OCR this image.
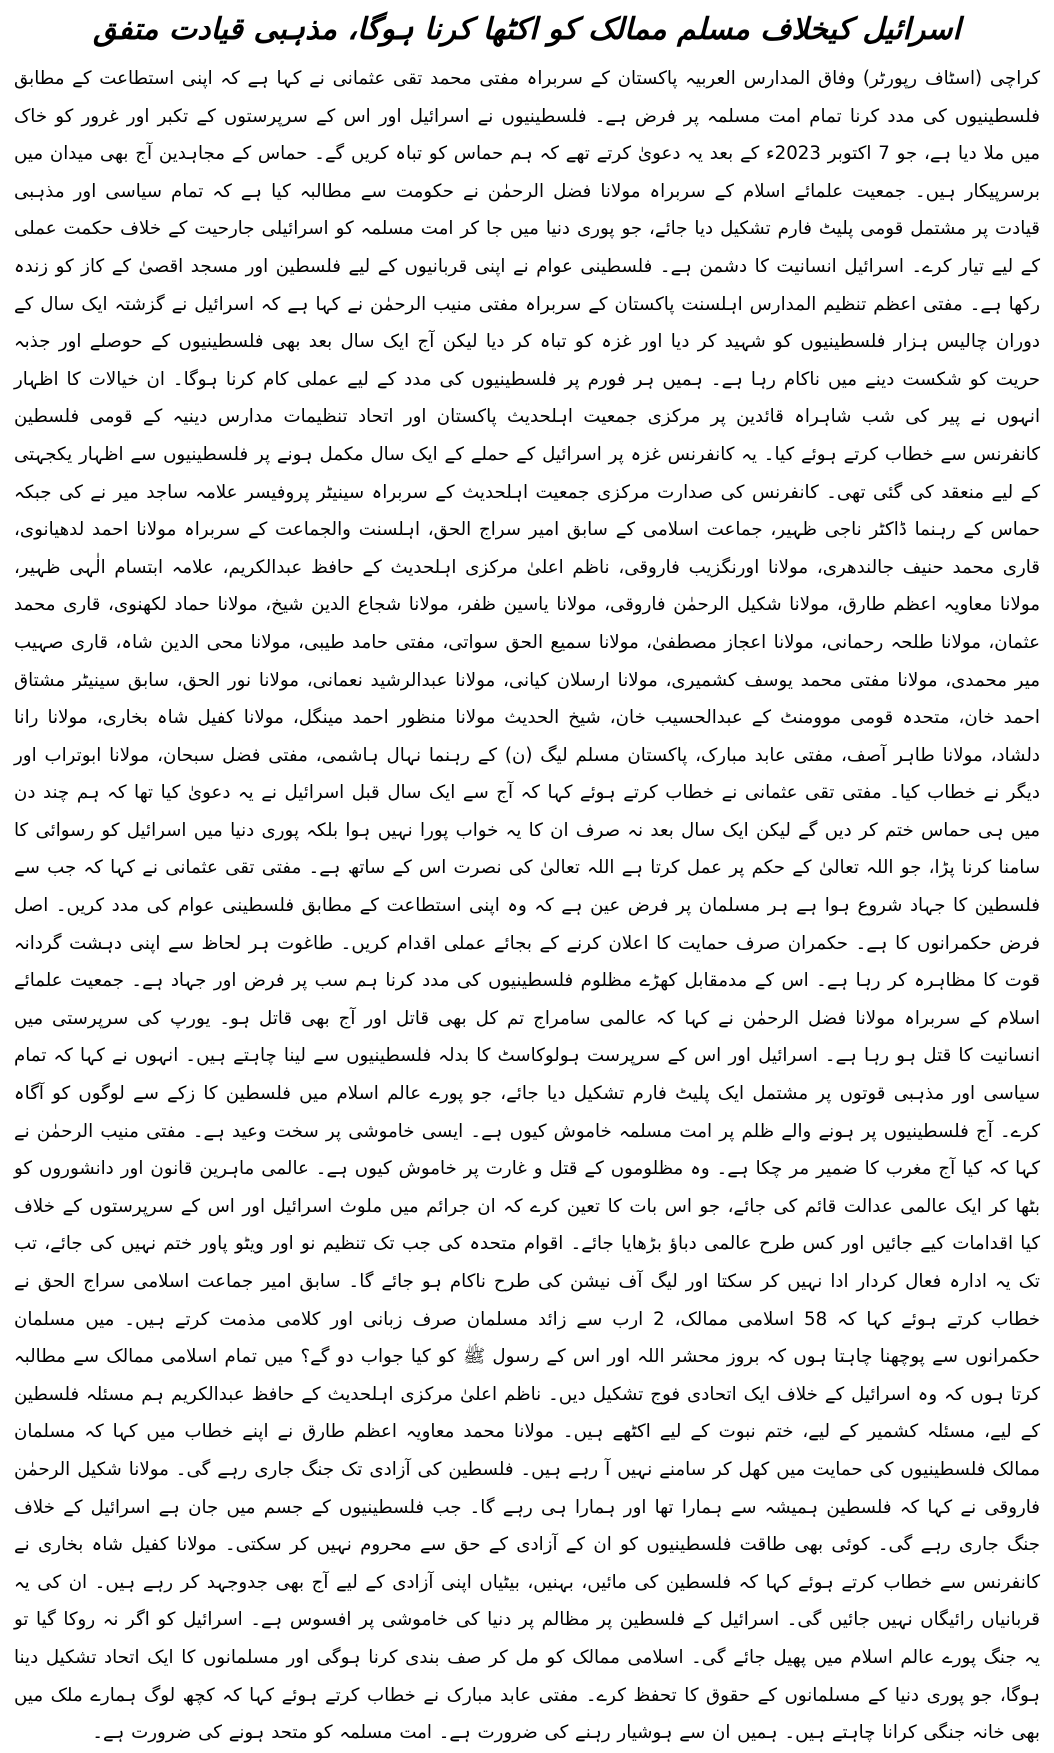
اسرائیل کیخلاف مسلم ممالک کو اکٹھا کرنا ہوگا، مذہبی قیادت متفق

کراچی (اسٹاف رپورٹر) وفاق المدارس العربیہ پاکستان کے سربراہ مفتی محمد تقی عثمانی نے کہا ہے کہ اپنی استطاعت کے مطابق فلسطینیوں کی مدد کرنا تمام امت مسلمہ پر فرض ہے۔ فلسطینیوں نے اسرائیل اور اس کے سرپرستوں کے تکبر اور غرور کو خاک میں ملا دیا ہے، جو 7 اکتوبر 2023ء کے بعد یہ دعویٰ کرتے تھے کہ ہم حماس کو تباہ کریں گے۔ حماس کے مجاہدین آج بھی میدان میں برسرپیکار ہیں۔ جمعیت علمائے اسلام کے سربراہ مولانا فضل الرحمٰن نے حکومت سے مطالبہ کیا ہے کہ تمام سیاسی اور مذہبی قیادت پر مشتمل قومی پلیٹ فارم تشکیل دیا جائے، جو پوری دنیا میں جا کر امت مسلمہ کو اسرائیلی جارحیت کے خلاف حکمت عملی کے لیے تیار کرے۔ اسرائیل انسانیت کا دشمن ہے۔ فلسطینی عوام نے اپنی قربانیوں کے لیے فلسطین اور مسجد اقصیٰ کے کاز کو زندہ رکھا ہے۔ مفتی اعظم تنظیم المدارس اہلسنت پاکستان کے سربراہ مفتی منیب الرحمٰن نے کہا ہے کہ اسرائیل نے گزشتہ ایک سال کے دوران چالیس ہزار فلسطینیوں کو شہید کر دیا اور غزہ کو تباہ کر دیا لیکن آج ایک سال بعد بھی فلسطینیوں کے حوصلے اور جذبہ حریت کو شکست دینے میں ناکام رہا ہے۔ ہمیں ہر فورم پر فلسطینیوں کی مدد کے لیے عملی کام کرنا ہوگا۔ ان خیالات کا اظہار انہوں نے پیر کی شب شاہراہ قائدین پر مرکزی جمعیت اہلحدیث پاکستان اور اتحاد تنظیمات مدارس دینیہ کے قومی فلسطین کانفرنس سے خطاب کرتے ہوئے کیا۔ یہ کانفرنس غزہ پر اسرائیل کے حملے کے ایک سال مکمل ہونے پر فلسطینیوں سے اظہار یکجہتی کے لیے منعقد کی گئی تھی۔ کانفرنس کی صدارت مرکزی جمعیت اہلحدیث کے سربراہ سینیٹر پروفیسر علامہ ساجد میر نے کی جبکہ حماس کے رہنما ڈاکٹر ناجی ظہیر، جماعت اسلامی کے سابق امیر سراج الحق، اہلسنت والجماعت کے سربراہ مولانا احمد لدھیانوی، قاری محمد حنیف جالندھری، مولانا اورنگزیب فاروقی، ناظم اعلیٰ مرکزی اہلحدیث کے حافظ عبدالکریم، علامہ ابتسام الٰہی ظہیر، مولانا معاویہ اعظم طارق، مولانا شکیل الرحمٰن فاروقی، مولانا یاسین ظفر، مولانا شجاع الدین شیخ، مولانا حماد لکھنوی، قاری محمد عثمان، مولانا طلحہ رحمانی، مولانا اعجاز مصطفیٰ، مولانا سمیع الحق سواتی، مفتی حامد طیبی، مولانا محی الدین شاہ، قاری صہیب میر محمدی، مولانا مفتی محمد یوسف کشمیری، مولانا ارسلان کیانی، مولانا عبدالرشید نعمانی، مولانا نور الحق، سابق سینیٹر مشتاق احمد خان، متحدہ قومی موومنٹ کے عبدالحسیب خان، شیخ الحدیث مولانا منظور احمد مینگل، مولانا کفیل شاہ بخاری، مولانا رانا دلشاد، مولانا طاہر آصف، مفتی عابد مبارک، پاکستان مسلم لیگ (ن) کے رہنما نہال ہاشمی، مفتی فضل سبحان، مولانا ابوتراب اور دیگر نے خطاب کیا۔ مفتی تقی عثمانی نے خطاب کرتے ہوئے کہا کہ آج سے ایک سال قبل اسرائیل نے یہ دعویٰ کیا تھا کہ ہم چند دن میں ہی حماس ختم کر دیں گے لیکن ایک سال بعد نہ صرف ان کا یہ خواب پورا نہیں ہوا بلکہ پوری دنیا میں اسرائیل کو رسوائی کا سامنا کرنا پڑا، جو اللہ تعالیٰ کے حکم پر عمل کرتا ہے اللہ تعالیٰ کی نصرت اس کے ساتھ ہے۔ مفتی تقی عثمانی نے کہا کہ جب سے فلسطین کا جہاد شروع ہوا ہے ہر مسلمان پر فرض عین ہے کہ وہ اپنی استطاعت کے مطابق فلسطینی عوام کی مدد کریں۔ اصل فرض حکمرانوں کا ہے۔ حکمران صرف حمایت کا اعلان کرنے کے بجائے عملی اقدام کریں۔ طاغوت ہر لحاظ سے اپنی دہشت گردانہ قوت کا مظاہرہ کر رہا ہے۔ اس کے مدمقابل کھڑے مظلوم فلسطینیوں کی مدد کرنا ہم سب پر فرض اور جہاد ہے۔ جمعیت علمائے اسلام کے سربراہ مولانا فضل الرحمٰن نے کہا کہ عالمی سامراج تم کل بھی قاتل اور آج بھی قاتل ہو۔ یورپ کی سرپرستی میں انسانیت کا قتل ہو رہا ہے۔ اسرائیل اور اس کے سرپرست ہولوکاسٹ کا بدلہ فلسطینیوں سے لینا چاہتے ہیں۔ انہوں نے کہا کہ تمام سیاسی اور مذہبی قوتوں پر مشتمل ایک پلیٹ فارم تشکیل دیا جائے، جو پورے عالم اسلام میں فلسطین کا زکے سے لوگوں کو آگاہ کرے۔ آج فلسطینیوں پر ہونے والے ظلم پر امت مسلمہ خاموش کیوں ہے۔ ایسی خاموشی پر سخت وعید ہے۔ مفتی منیب الرحمٰن نے کہا کہ کیا آج مغرب کا ضمیر مر چکا ہے۔ وہ مظلوموں کے قتل و غارت پر خاموش کیوں ہے۔ عالمی ماہرین قانون اور دانشوروں کو بٹھا کر ایک عالمی عدالت قائم کی جائے، جو اس بات کا تعین کرے کہ ان جرائم میں ملوث اسرائیل اور اس کے سرپرستوں کے خلاف کیا اقدامات کیے جائیں اور کس طرح عالمی دباؤ بڑھایا جائے۔ اقوام متحدہ کی جب تک تنظیم نو اور ویٹو پاور ختم نہیں کی جائے، تب تک یہ ادارہ فعال کردار ادا نہیں کر سکتا اور لیگ آف نیشن کی طرح ناکام ہو جائے گا۔ سابق امیر جماعت اسلامی سراج الحق نے خطاب کرتے ہوئے کہا کہ 58 اسلامی ممالک، 2 ارب سے زائد مسلمان صرف زبانی اور کلامی مذمت کرتے ہیں۔ میں مسلمان حکمرانوں سے پوچھنا چاہتا ہوں کہ بروز محشر اللہ اور اس کے رسول ﷺ کو کیا جواب دو گے؟ میں تمام اسلامی ممالک سے مطالبہ کرتا ہوں کہ وہ اسرائیل کے خلاف ایک اتحادی فوج تشکیل دیں۔ ناظم اعلیٰ مرکزی اہلحدیث کے حافظ عبدالکریم ہم مسئلہ فلسطین کے لیے، مسئلہ کشمیر کے لیے، ختم نبوت کے لیے اکٹھے ہیں۔ مولانا محمد معاویہ اعظم طارق نے اپنے خطاب میں کہا کہ مسلمان ممالک فلسطینیوں کی حمایت میں کھل کر سامنے نہیں آ رہے ہیں۔ فلسطین کی آزادی تک جنگ جاری رہے گی۔ مولانا شکیل الرحمٰن فاروقی نے کہا کہ فلسطین ہمیشہ سے ہمارا تھا اور ہمارا ہی رہے گا۔ جب فلسطینیوں کے جسم میں جان ہے اسرائیل کے خلاف جنگ جاری رہے گی۔ کوئی بھی طاقت فلسطینیوں کو ان کے آزادی کے حق سے محروم نہیں کر سکتی۔ مولانا کفیل شاہ بخاری نے کانفرنس سے خطاب کرتے ہوئے کہا کہ فلسطین کی مائیں، بہنیں، بیٹیاں اپنی آزادی کے لیے آج بھی جدوجہد کر رہے ہیں۔ ان کی یہ قربانیاں رائیگاں نہیں جائیں گی۔ اسرائیل کے فلسطین پر مظالم پر دنیا کی خاموشی پر افسوس ہے۔ اسرائیل کو اگر نہ روکا گیا تو یہ جنگ پورے عالم اسلام میں پھیل جائے گی۔ اسلامی ممالک کو مل کر صف بندی کرنا ہوگی اور مسلمانوں کا ایک اتحاد تشکیل دینا ہوگا، جو پوری دنیا کے مسلمانوں کے حقوق کا تحفظ کرے۔ مفتی عابد مبارک نے خطاب کرتے ہوئے کہا کہ کچھ لوگ ہمارے ملک میں بھی خانہ جنگی کرانا چاہتے ہیں۔ ہمیں ان سے ہوشیار رہنے کی ضرورت ہے۔ امت مسلمہ کو متحد ہونے کی ضرورت ہے۔
